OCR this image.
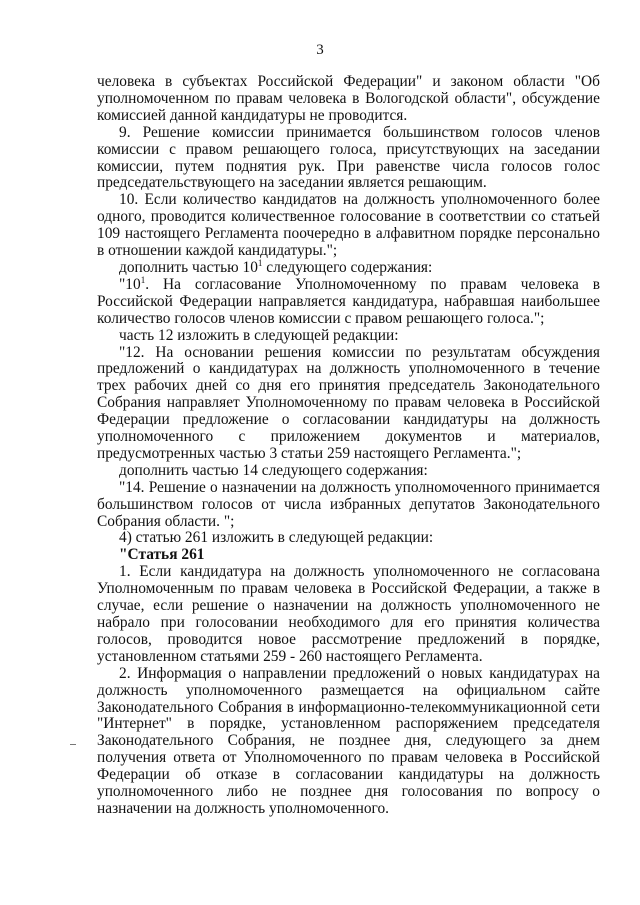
3

человека в субъектах Российской Федерации" и законом области "Об уполномоченном по правам человека в Вологодской области", обсуждение комиссией данной кандидатуры не проводится.

9. Решение комиссии принимается большинством голосов членов комиссии с правом решающего голоса, присутствующих на заседании комиссии, путем поднятия рук. При равенстве числа голосов голос председательствующего на заседании является решающим.

10. Если количество кандидатов на должность уполномоченного более одного, проводится количественное голосование в соответствии со статьей 109 настоящего Регламента поочередно в алфавитном порядке персонально в отношении каждой кандидатуры.";

дополнить частью $10^1$ следующего содержания:

"$10^1$. На согласование Уполномоченному по правам человека в Российской Федерации направляется кандидатура, набравшая наибольшее количество голосов членов комиссии с правом решающего голоса.";

часть 12 изложить в следующей редакции:

"12. На основании решения комиссии по результатам обсуждения предложений о кандидатурах на должность уполномоченного в течение трех рабочих дней со дня его принятия председатель Законодательного Собрания направляет Уполномоченному по правам человека в Российской Федерации предложение о согласовании кандидатуры на должность уполномоченного с приложением документов и материалов, предусмотренных частью 3 статьи 259 настоящего Регламента.";

дополнить частью 14 следующего содержания:

"14. Решение о назначении на должность уполномоченного принимается большинством голосов от числа избранных депутатов Законодательного Собрания области. ";

4) статью 261 изложить в следующей редакции:

"Статья 261

1. Если кандидатура на должность уполномоченного не согласована Уполномоченным по правам человека в Российской Федерации, а также в случае, если решение о назначении на должность уполномоченного не набрало при голосовании необходимого для его принятия количества голосов, проводится новое рассмотрение предложений в порядке, установленном статьями 259 - 260 настоящего Регламента.

2. Информация о направлении предложений о новых кандидатурах на должность уполномоченного размещается на официальном сайте Законодательного Собрания в информационно-телекоммуникационной сети "Интернет" в порядке, установленном распоряжением председателя Законодательного Собрания, не позднее дня, следующего за днем получения ответа от Уполномоченного по правам человека в Российской Федерации об отказе в согласовании кандидатуры на должность уполномоченного либо не позднее дня голосования по вопросу о назначении на должность уполномоченного.
